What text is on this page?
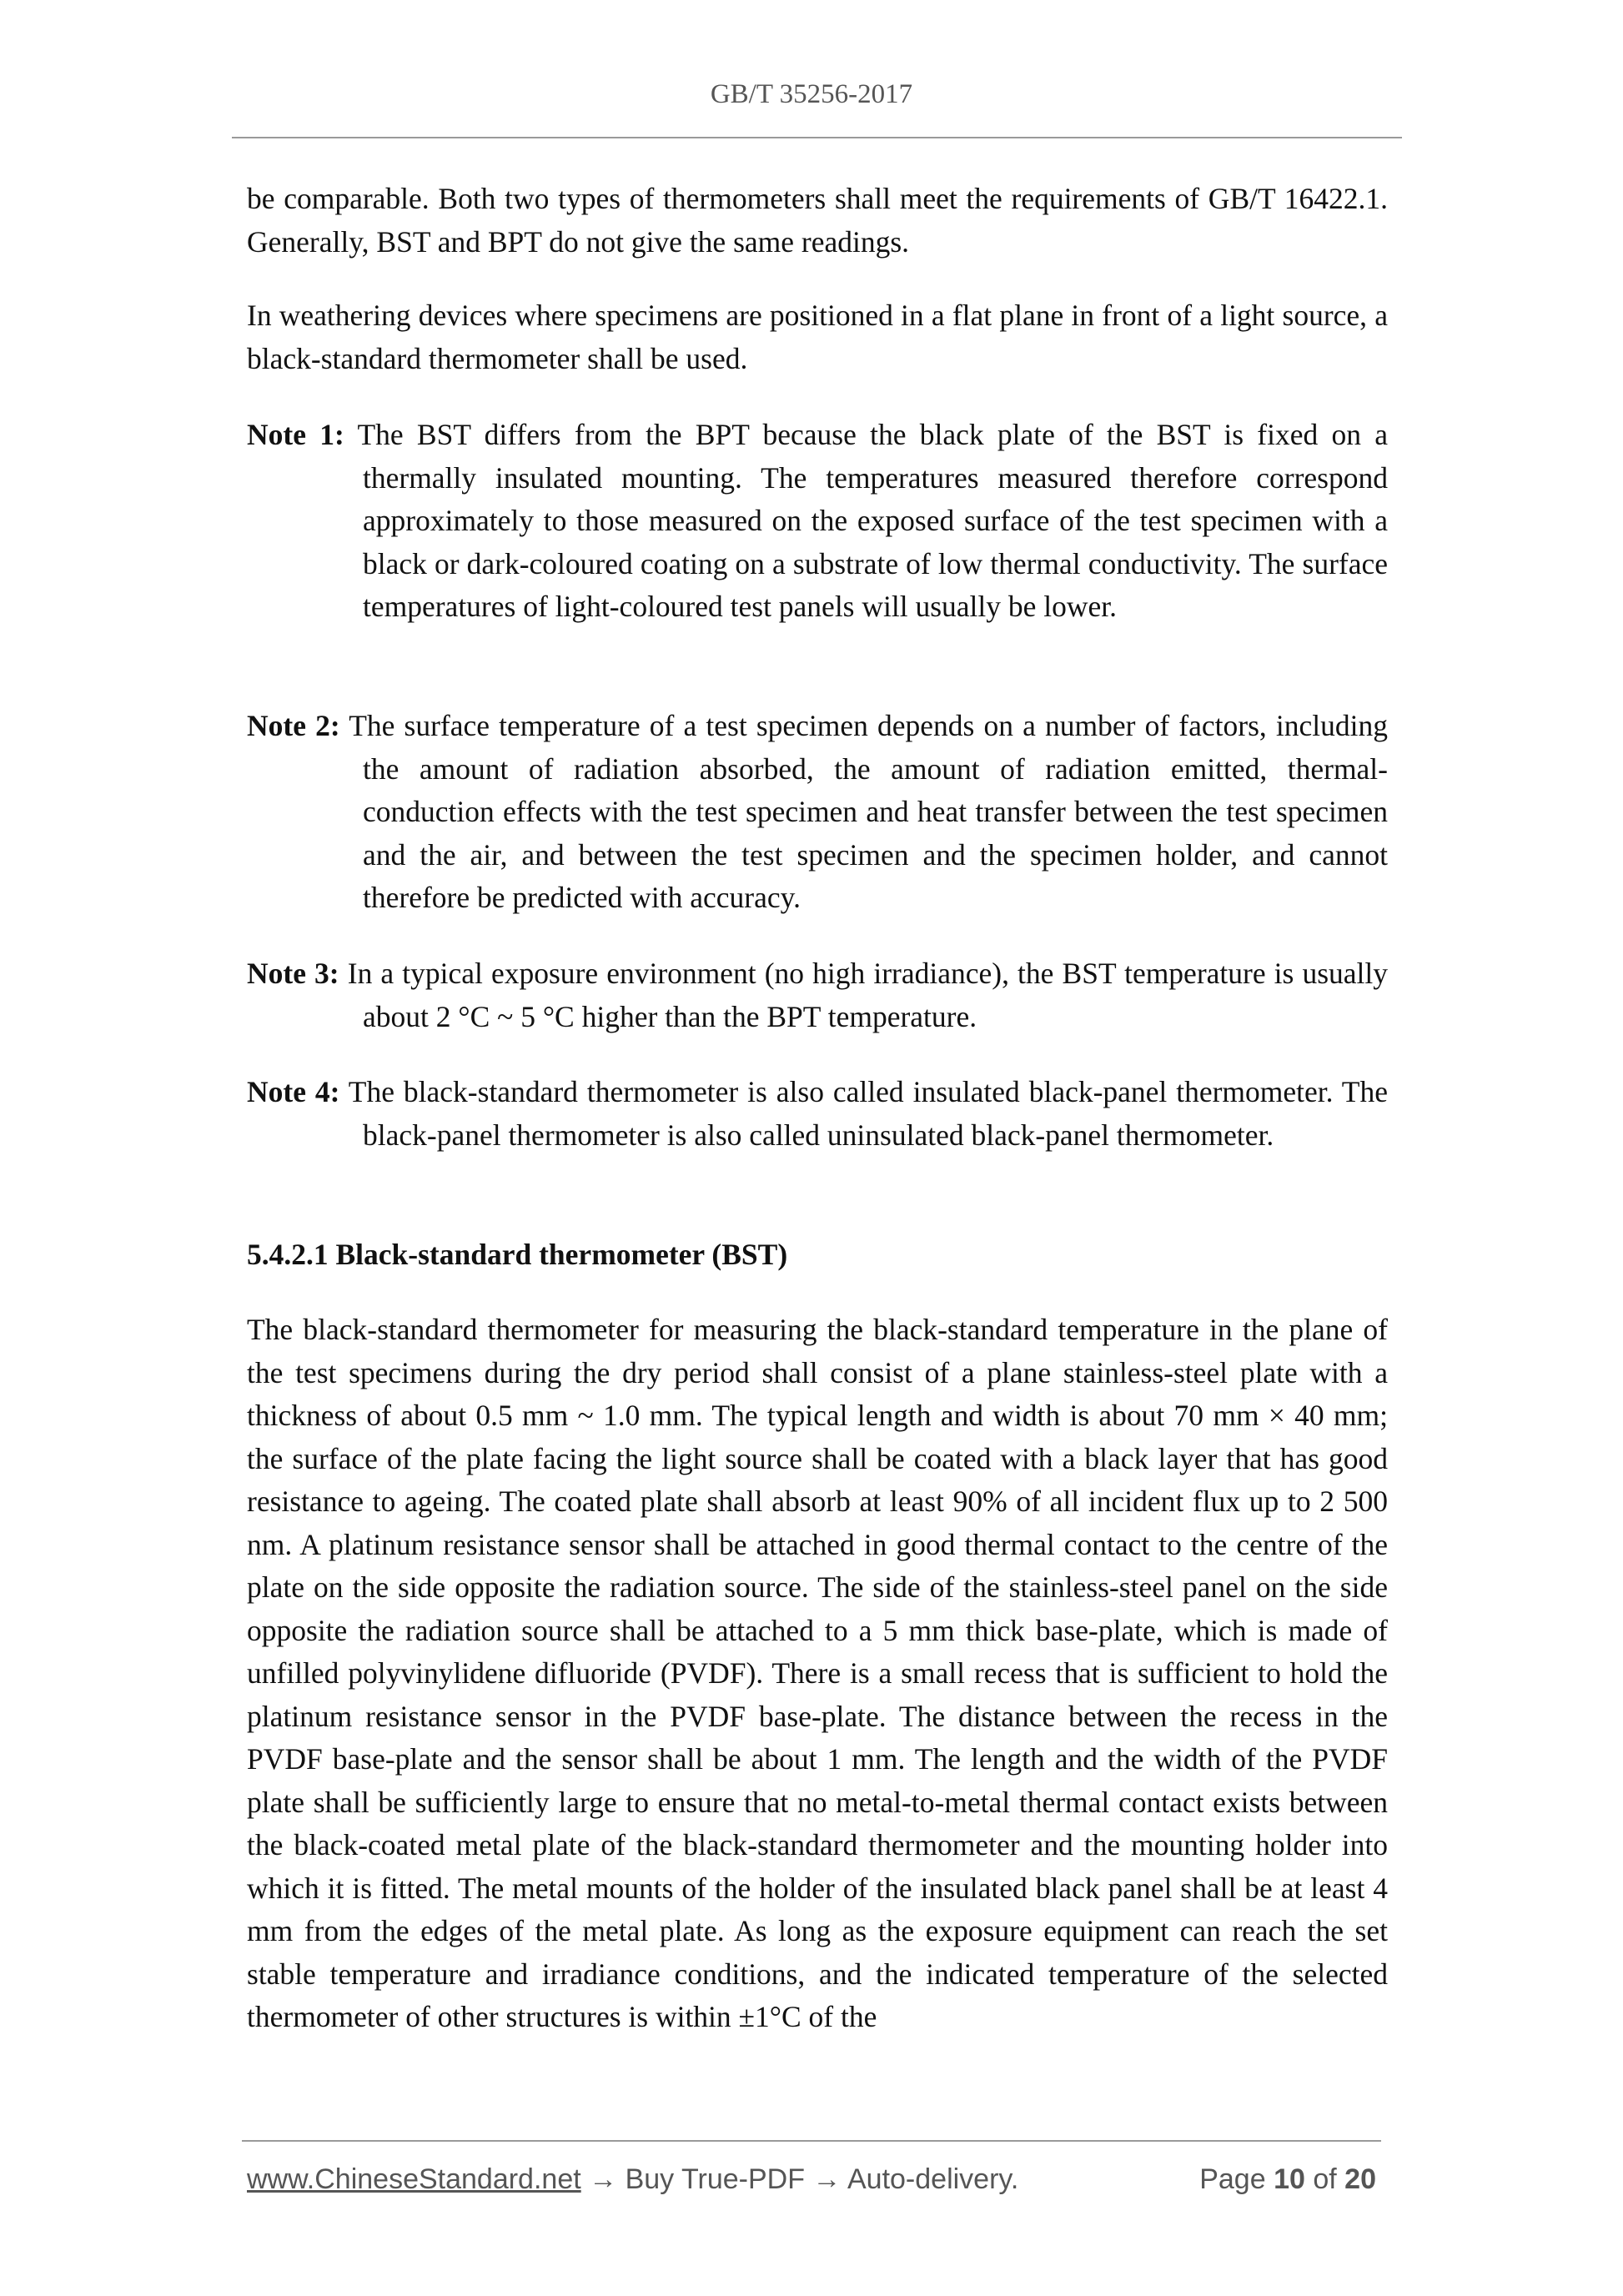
GB/T 35256-2017

be comparable. Both two types of thermometers shall meet the requirements of GB/T 16422.1. Generally, BST and BPT do not give the same readings.

In weathering devices where specimens are positioned in a flat plane in front of a light source, a black-standard thermometer shall be used.

Note 1: The BST differs from the BPT because the black plate of the BST is fixed on a thermally insulated mounting. The temperatures measured therefore correspond approximately to those measured on the exposed surface of the test specimen with a black or dark-coloured coating on a substrate of low thermal conductivity. The surface temperatures of light-coloured test panels will usually be lower.
Note 2: The surface temperature of a test specimen depends on a number of factors, including the amount of radiation absorbed, the amount of radiation emitted, thermal-conduction effects with the test specimen and heat transfer between the test specimen and the air, and between the test specimen and the specimen holder, and cannot therefore be predicted with accuracy.
Note 3: In a typical exposure environment (no high irradiance), the BST temperature is usually about 2 °C ~ 5 °C higher than the BPT temperature.
Note 4: The black-standard thermometer is also called insulated black-panel thermometer. The black-panel thermometer is also called uninsulated black-panel thermometer.
5.4.2.1 Black-standard thermometer (BST)

The black-standard thermometer for measuring the black-standard temperature in the plane of the test specimens during the dry period shall consist of a plane stainless-steel plate with a thickness of about 0.5 mm ~ 1.0 mm. The typical length and width is about 70 mm × 40 mm; the surface of the plate facing the light source shall be coated with a black layer that has good resistance to ageing. The coated plate shall absorb at least 90% of all incident flux up to 2 500 nm. A platinum resistance sensor shall be attached in good thermal contact to the centre of the plate on the side opposite the radiation source. The side of the stainless-steel panel on the side opposite the radiation source shall be attached to a 5 mm thick base-plate, which is made of unfilled polyvinylidene difluoride (PVDF). There is a small recess that is sufficient to hold the platinum resistance sensor in the PVDF base-plate. The distance between the recess in the PVDF base-plate and the sensor shall be about 1 mm. The length and the width of the PVDF plate shall be sufficiently large to ensure that no metal-to-metal thermal contact exists between the black-coated metal plate of the black-standard thermometer and the mounting holder into which it is fitted. The metal mounts of the holder of the insulated black panel shall be at least 4 mm from the edges of the metal plate. As long as the exposure equipment can reach the set stable temperature and irradiance conditions, and the indicated temperature of the selected thermometer of other structures is within ±1°C of the

www.ChineseStandard.net → Buy True-PDF → Auto-delivery.	Page 10 of 20
